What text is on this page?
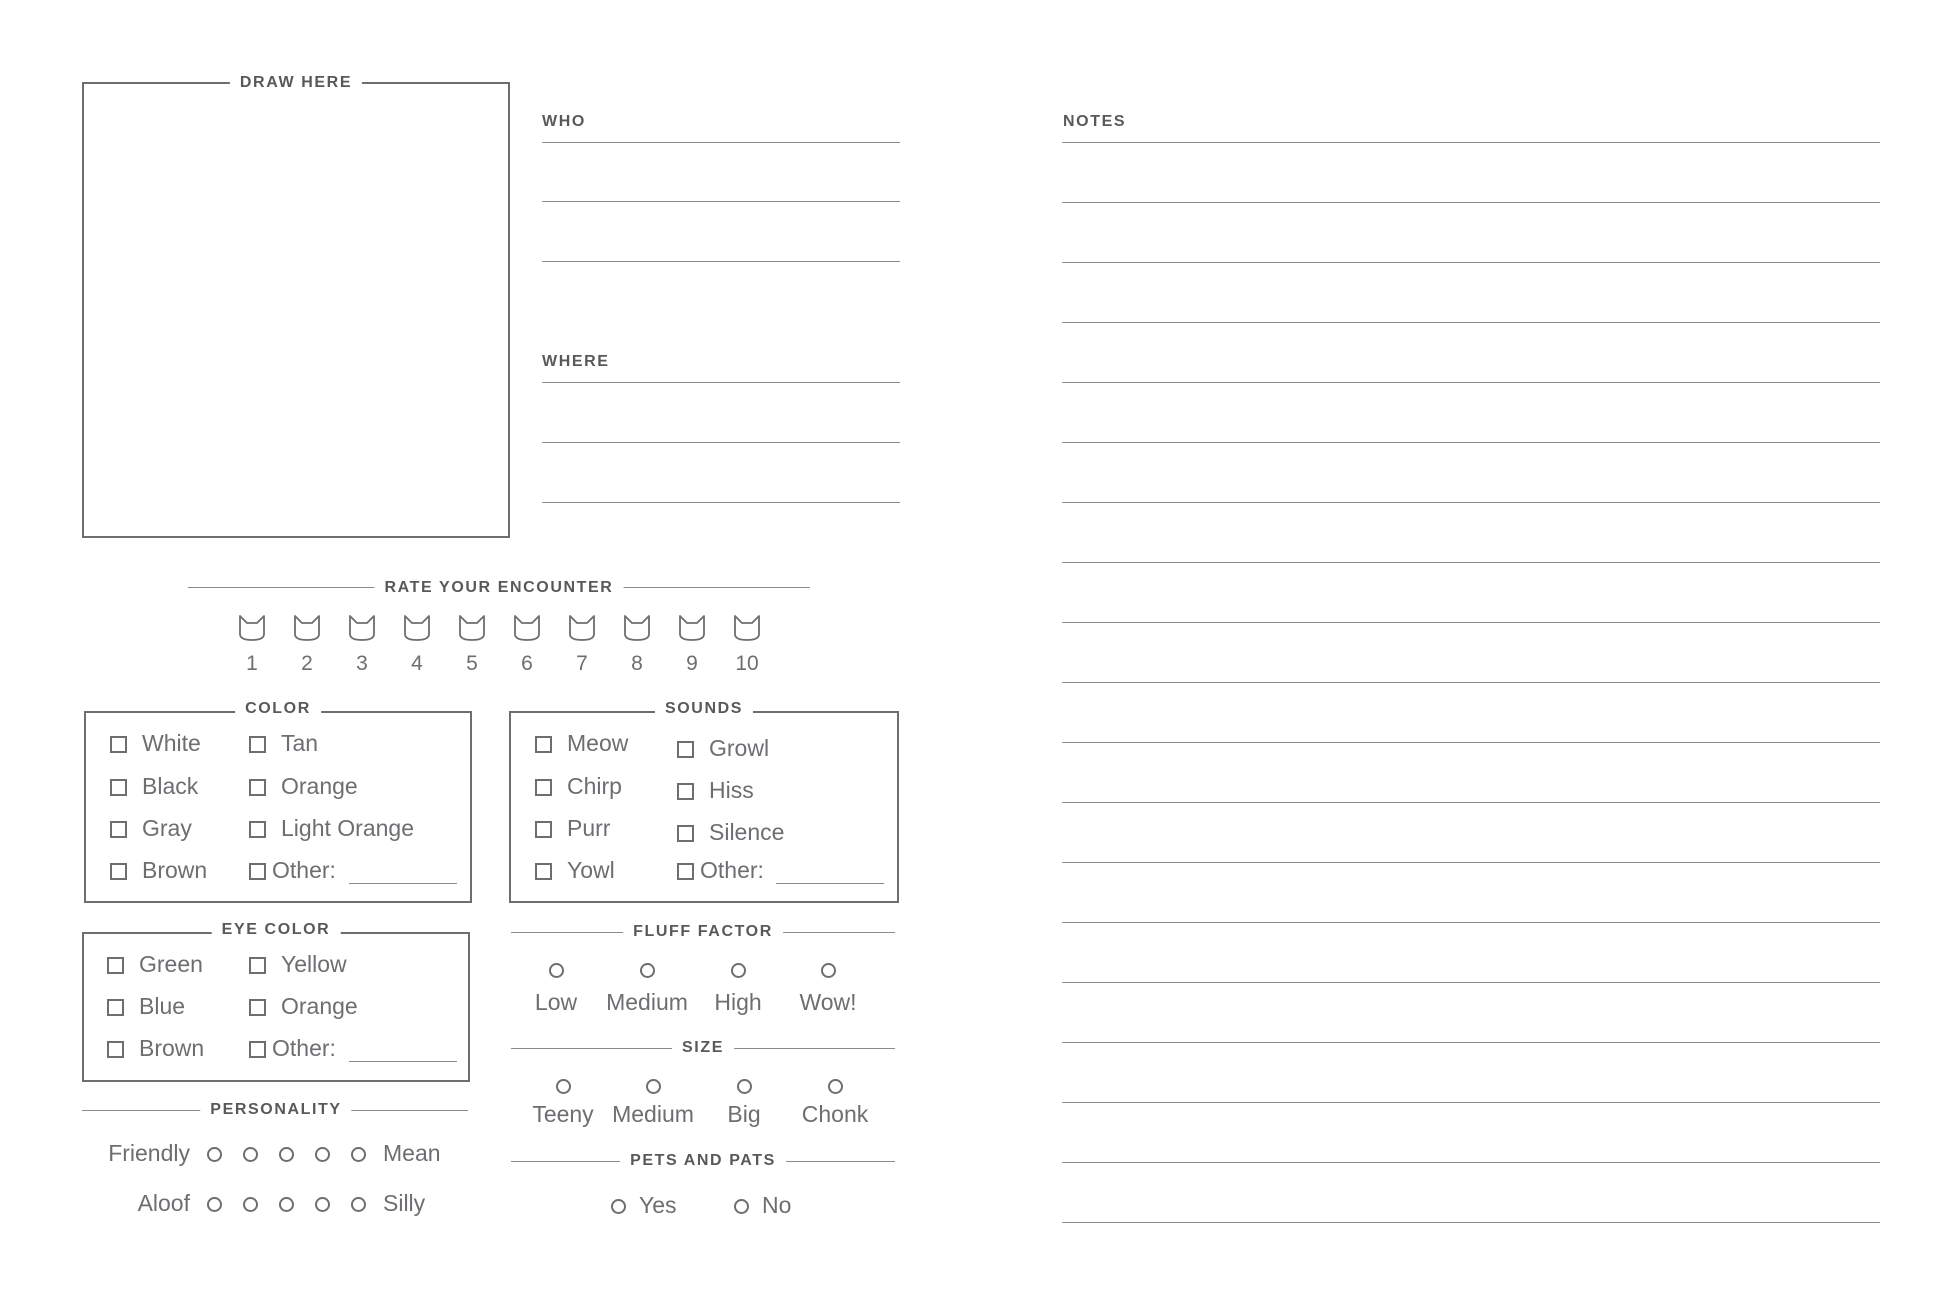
DRAW HERE
WHO
WHERE
NOTES
RATE YOUR ENCOUNTER
COLOR	SOUNDS
EYE COLOR	FLUFF FACTOR
SIZE
PERSONALITY
PETS AND PATS
1 2 3 4 5 6 7 8 9 10
White
Black
Gray
Brown
Tan
Orange
Light Orange
Other:
Meow
Chirp
Purr
Yowl
Growl
Hiss
Silence
Other:
Green
Blue
Brown
Yellow
Orange
Other:
Low Medium High Wow!
Teeny Medium Big Chonk
Friendly	Mean
Aloof	Silly	Yes	No
